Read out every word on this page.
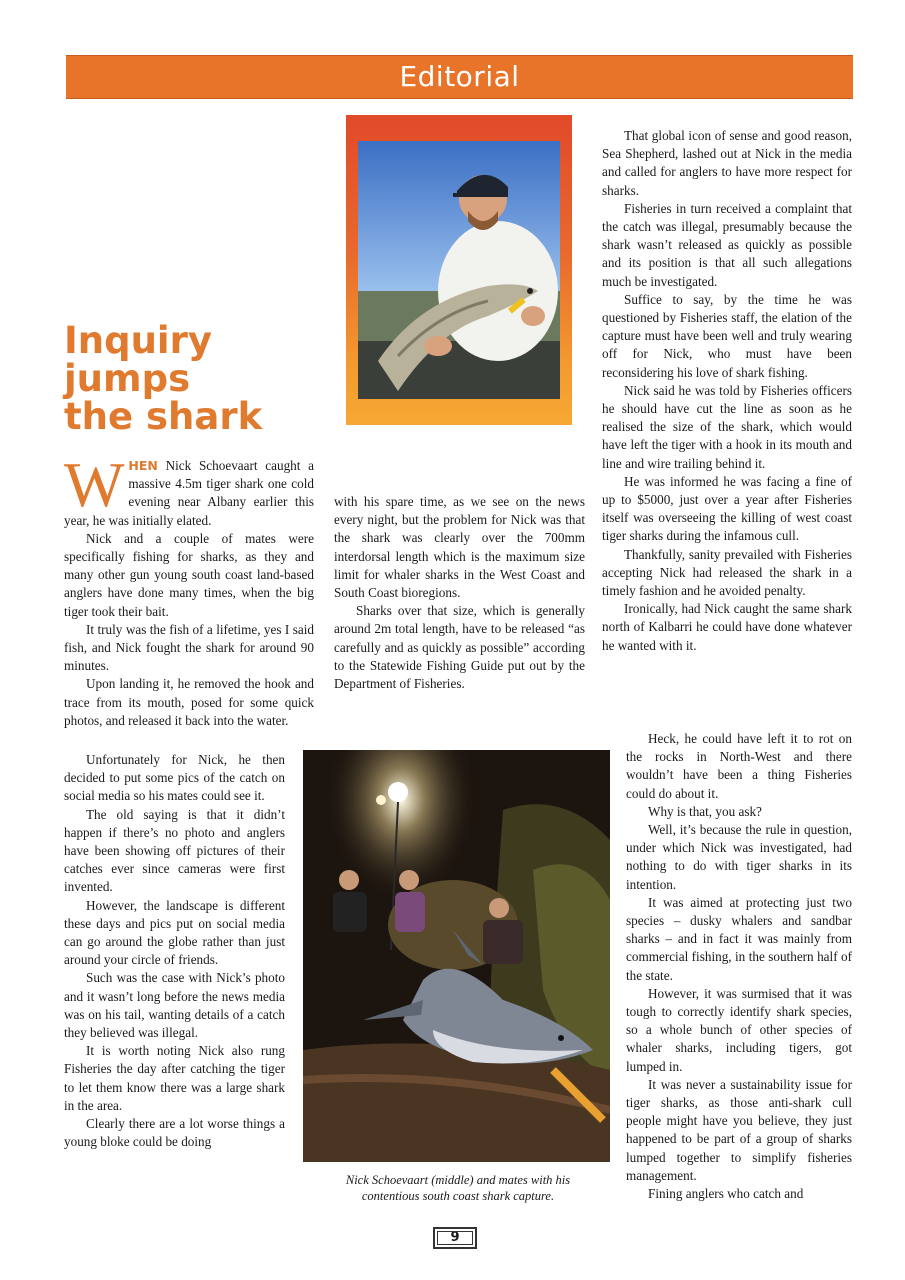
Editorial
Inquiry
jumps
the shark

WHEN Nick Schoevaart caught a massive 4.5m tiger shark one cold evening near Albany earlier this year, he was initially elated.

Nick and a couple of mates were specifically fishing for sharks, as they and many other gun young south coast land-based anglers have done many times, when the big tiger took their bait.

It truly was the fish of a lifetime, yes I said fish, and Nick fought the shark for around 90 minutes.

Upon landing it, he removed the hook and trace from its mouth, posed for some quick photos, and released it back into the water.

Unfortunately for Nick, he then decided to put some pics of the catch on social media so his mates could see it.

The old saying is that it didn’t happen if there’s no photo and anglers have been showing off pictures of their catches ever since cameras were first invented.

However, the landscape is different these days and pics put on social media can go around the globe rather than just around your circle of friends.

Such was the case with Nick’s photo and it wasn’t long before the news media was on his tail, wanting details of a catch they believed was illegal.

It is worth noting Nick also rung Fisheries the day after catching the tiger to let them know there was a large shark in the area.

Clearly there are a lot worse things a young bloke could be doing

with his spare time, as we see on the news every night, but the problem for Nick was that the shark was clearly over the 700mm interdorsal length which is the maximum size limit for whaler sharks in the West Coast and South Coast bioregions.

Sharks over that size, which is generally around 2m total length, have to be released “as carefully and as quickly as possible” according to the Statewide Fishing Guide put out by the Department of Fisheries.

That global icon of sense and good reason, Sea Shepherd, lashed out at Nick in the media and called for anglers to have more respect for sharks.

Fisheries in turn received a complaint that the catch was illegal, presumably because the shark wasn’t released as quickly as possible and its position is that all such allegations much be investigated.

Suffice to say, by the time he was questioned by Fisheries staff, the elation of the capture must have been well and truly wearing off for Nick, who must have been reconsidering his love of shark fishing.

Nick said he was told by Fisheries officers he should have cut the line as soon as he realised the size of the shark, which would have left the tiger with a hook in its mouth and line and wire trailing behind it.

He was informed he was facing a fine of up to $5000, just over a year after Fisheries itself was overseeing the killing of west coast tiger sharks during the infamous cull.

Thankfully, sanity prevailed with Fisheries accepting Nick had released the shark in a timely fashion and he avoided penalty.

Ironically, had Nick caught the same shark north of Kalbarri he could have done whatever he wanted with it.

Heck, he could have left it to rot on the rocks in North-West and there wouldn’t have been a thing Fisheries could do about it.

Why is that, you ask?

Well, it’s because the rule in question, under which Nick was investigated, had nothing to do with tiger sharks in its intention.

It was aimed at protecting just two species – dusky whalers and sandbar sharks – and in fact it was mainly from commercial fishing, in the southern half of the state.

However, it was surmised that it was tough to correctly identify shark species, so a whole bunch of other species of whaler sharks, including tigers, got lumped in.

It was never a sustainability issue for tiger sharks, as those anti-shark cull people might have you believe, they just happened to be part of a group of sharks lumped together to simplify fisheries management.

Fining anglers who catch and

Nick Schoevaart (middle) and mates with his contentious south coast shark capture.
9
